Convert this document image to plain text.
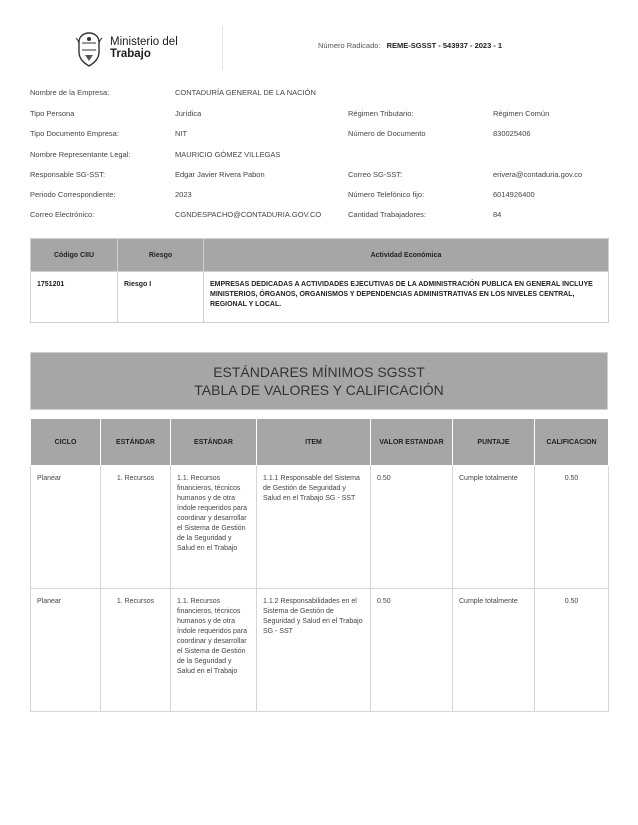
Ministerio del
Trabajo
Número Radicado: REME-SGSST - 543937 - 2023 - 1
Nombre de la Empresa:	CONTADURÍA GENERAL DE LA NACIÓN
Tipo Persona	Jurídica	Régimen Tributario:	Régimen Común
Tipo Documento Empresa:	NIT	Número de Documento	830025406
Nombre Representante Legal:	MAURICIO GÓMEZ VILLEGAS
Responsable SG-SST:	Edgar Javier Rivera Pabon	Correo SG-SST:	erivera@contaduria.gov.co
Periodo Correspondiente:	2023	Número Telefónico fijo:	6014926400
Correo Electrónico:	CGNDESPACHO@CONTADURIA.GOV.CO	Cantidad Trabajadores:	84
Código CIIU	Riesgo	Actividad Económica
1751201	Riesgo I	EMPRESAS DEDICADAS A ACTIVIDADES EJECUTIVAS DE LA ADMINISTRACIÓN PUBLICA EN GENERAL INCLUYE MINISTERIOS, ÓRGANOS, ORGANISMOS Y DEPENDENCIAS ADMINISTRATIVAS EN LOS NIVELES CENTRAL, REGIONAL Y LOCAL.
ESTÁNDARES MÍNIMOS SGSST
TABLA DE VALORES Y CALIFICACIÓN
CICLO	ESTÁNDAR	ESTÁNDAR	ITEM	VALOR ESTANDAR	PUNTAJE	CALIFICACION
Planear	1. Recursos	1.1. Recursos financieros, técnicos humanos y de otra índole requeridos para coordinar y desarrollar el Sistema de Gestión de la Seguridad y Salud en el Trabajo	1.1.1 Responsable del Sistema de Gestión de Seguridad y Salud en el Trabajo SG - SST	0.50	Cumple totalmente	0.50
Planear	1. Recursos	1.1. Recursos financieros, técnicos humanos y de otra índole requeridos para coordinar y desarrollar el Sistema de Gestión de la Seguridad y Salud en el Trabajo	1.1.2 Responsabilidades en el Sistema de Gestión de Seguridad y Salud en el Trabajo SG - SST	0.50	Cumple totalmente	0.50
